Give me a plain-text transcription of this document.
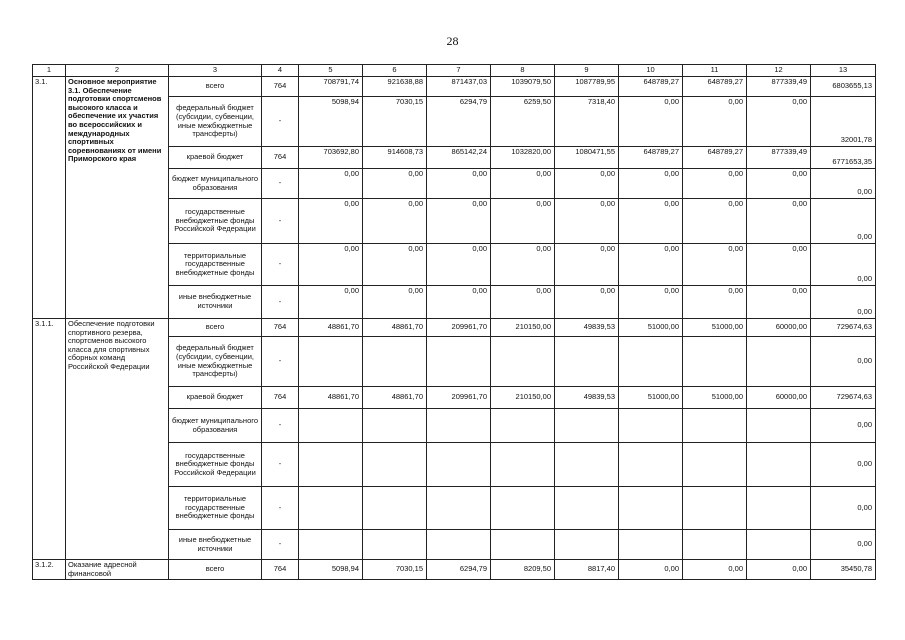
28
1	2	3	4	5	6	7	8	9	10	11	12	13
3.1.	Основное мероприятие 3.1. Обеспечение подготовки спортсменов высокого класса и обеспечение их участия во всероссийских и международных спортивных соревнованиях от имени Приморского края	всего	764	708791,74	921638,88	871437,03	1039079,50	1087789,95	648789,27	648789,27	877339,49	6803655,13
		федеральный бюджет (субсидии, субвенции, иные межбюджетные трансферты)	-	5098,94	7030,15	6294,79	6259,50	7318,40	0,00	0,00	0,00	32001,78
		краевой бюджет	764	703692,80	914608,73	865142,24	1032820,00	1080471,55	648789,27	648789,27	877339,49	6771653,35
		бюджет муниципального образования	-	0,00	0,00	0,00	0,00	0,00	0,00	0,00	0,00	0,00
		государственные внебюджетные фонды Российской Федерации	-	0,00	0,00	0,00	0,00	0,00	0,00	0,00	0,00	0,00
		территориальные государственные внебюджетные фонды	-	0,00	0,00	0,00	0,00	0,00	0,00	0,00	0,00	0,00
		иные внебюджетные источники	-	0,00	0,00	0,00	0,00	0,00	0,00	0,00	0,00	0,00
3.1.1.	Обеспечение подготовки спортивного резерва, спортсменов высокого класса для спортивных сборных команд Российской Федерации	всего	764	48861,70	48861,70	209961,70	210150,00	49839,53	51000,00	51000,00	60000,00	729674,63
		федеральный бюджет (субсидии, субвенции, иные межбюджетные трансферты)	-									0,00
		краевой бюджет	764	48861,70	48861,70	209961,70	210150,00	49839,53	51000,00	51000,00	60000,00	729674,63
		бюджет муниципального образования	-									0,00
		государственные внебюджетные фонды Российской Федерации	-									0,00
		территориальные государственные внебюджетные фонды	-									0,00
		иные внебюджетные источники	-									0,00
3.1.2.	Оказание адресной финансовой	всего	764	5098,94	7030,15	6294,79	8209,50	8817,40	0,00	0,00	0,00	35450,78
